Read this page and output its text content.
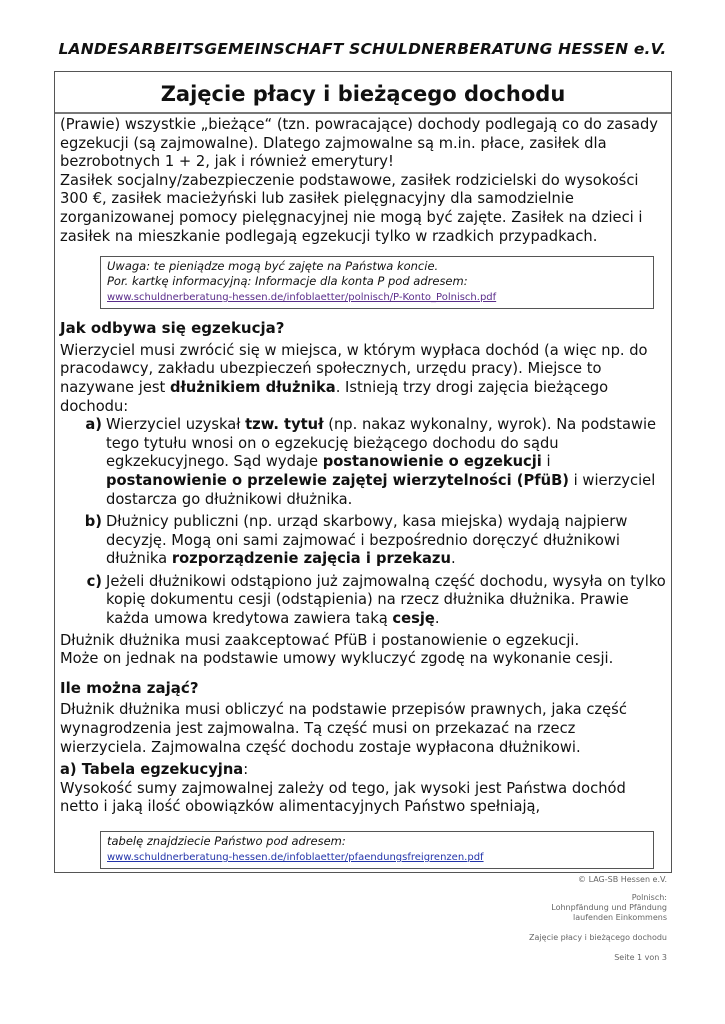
LANDESARBEITSGEMEINSCHAFT SCHULDNERBERATUNG HESSEN e.V.
Zajęcie płacy i bieżącego dochodu

(Prawie) wszystkie „bieżące“ (tzn. powracające) dochody podlegają co do zasady egzekucji (są zajmowalne). Dlatego zajmowalne są m.in. płace, zasiłek dla bezrobotnych 1 + 2, jak i również emerytury!

Zasiłek socjalny/zabezpieczenie podstawowe, zasiłek rodzicielski do wysokości 300 €, zasiłek macieżyński lub zasiłek pielęgnacyjny dla samodzielnie zorganizowanej pomocy pielęgnacyjnej nie mogą być zajęte. Zasiłek na dzieci i zasiłek na mieszkanie podlegają egzekucji tylko w rzadkich przypadkach.

Uwaga: te pieniądze mogą być zajęte na Państwa koncie.
Por. kartkę informacyjną: Informacje dla konta P pod adresem:
www.schuldnerberatung-hessen.de/infoblaetter/polnisch/P-Konto_Polnisch.pdf
Jak odbywa się egzekucja?

Wierzyciel musi zwrócić się w miejsca, w którym wypłaca dochód (a więc np. do pracodawcy, zakładu ubezpieczeń społecznych, urzędu pracy). Miejsce to nazywane jest dłużnikiem dłużnika. Istnieją trzy drogi zajęcia bieżącego dochodu:

a) Wierzyciel uzyskał tzw. tytuł (np. nakaz wykonalny, wyrok). Na podstawie tego tytułu wnosi on o egzekucję bieżącego dochodu do sądu egkzekucyjnego. Sąd wydaje postanowienie o egzekucji i postanowienie o przelewie zajętej wierzytelności (PfüB) i wierzyciel dostarcza go dłużnikowi dłużnika.
b) Dłużnicy publiczni (np. urząd skarbowy, kasa miejska) wydają najpierw decyzję. Mogą oni sami zajmować i bezpośrednio doręczyć dłużnikowi dłużnika rozporządzenie zajęcia i przekazu.
c) Jeżeli dłużnikowi odstąpiono już zajmowalną część dochodu, wysyła on tylko kopię dokumentu cesji (odstąpienia) na rzecz dłużnika dłużnika. Prawie każda umowa kredytowa zawiera taką cesję.

Dłużnik dłużnika musi zaakceptować PfüB i postanowienie o egzekucji.

Może on jednak na podstawie umowy wykluczyć zgodę na wykonanie cesji.

Ile można zająć?

Dłużnik dłużnika musi obliczyć na podstawie przepisów prawnych, jaka część wynagrodzenia jest zajmowalna. Tą część musi on przekazać na rzecz wierzyciela. Zajmowalna część dochodu zostaje wypłacona dłużnikowi.

a) Tabela egzekucyjna:

Wysokość sumy zajmowalnej zależy od tego, jak wysoki jest Państwa dochód netto i jaką ilość obowiązków alimentacyjnych Państwo spełniają,

tabelę znajdziecie Państwo pod adresem:
www.schuldnerberatung-hessen.de/infoblaetter/pfaendungsfreigrenzen.pdf
© LAG-SB Hessen e.V.
Polnisch:
Lohnpfändung und Pfändung
laufenden Einkommens
Zajęcie płacy i bieżącego dochodu
Seite 1 von 3
